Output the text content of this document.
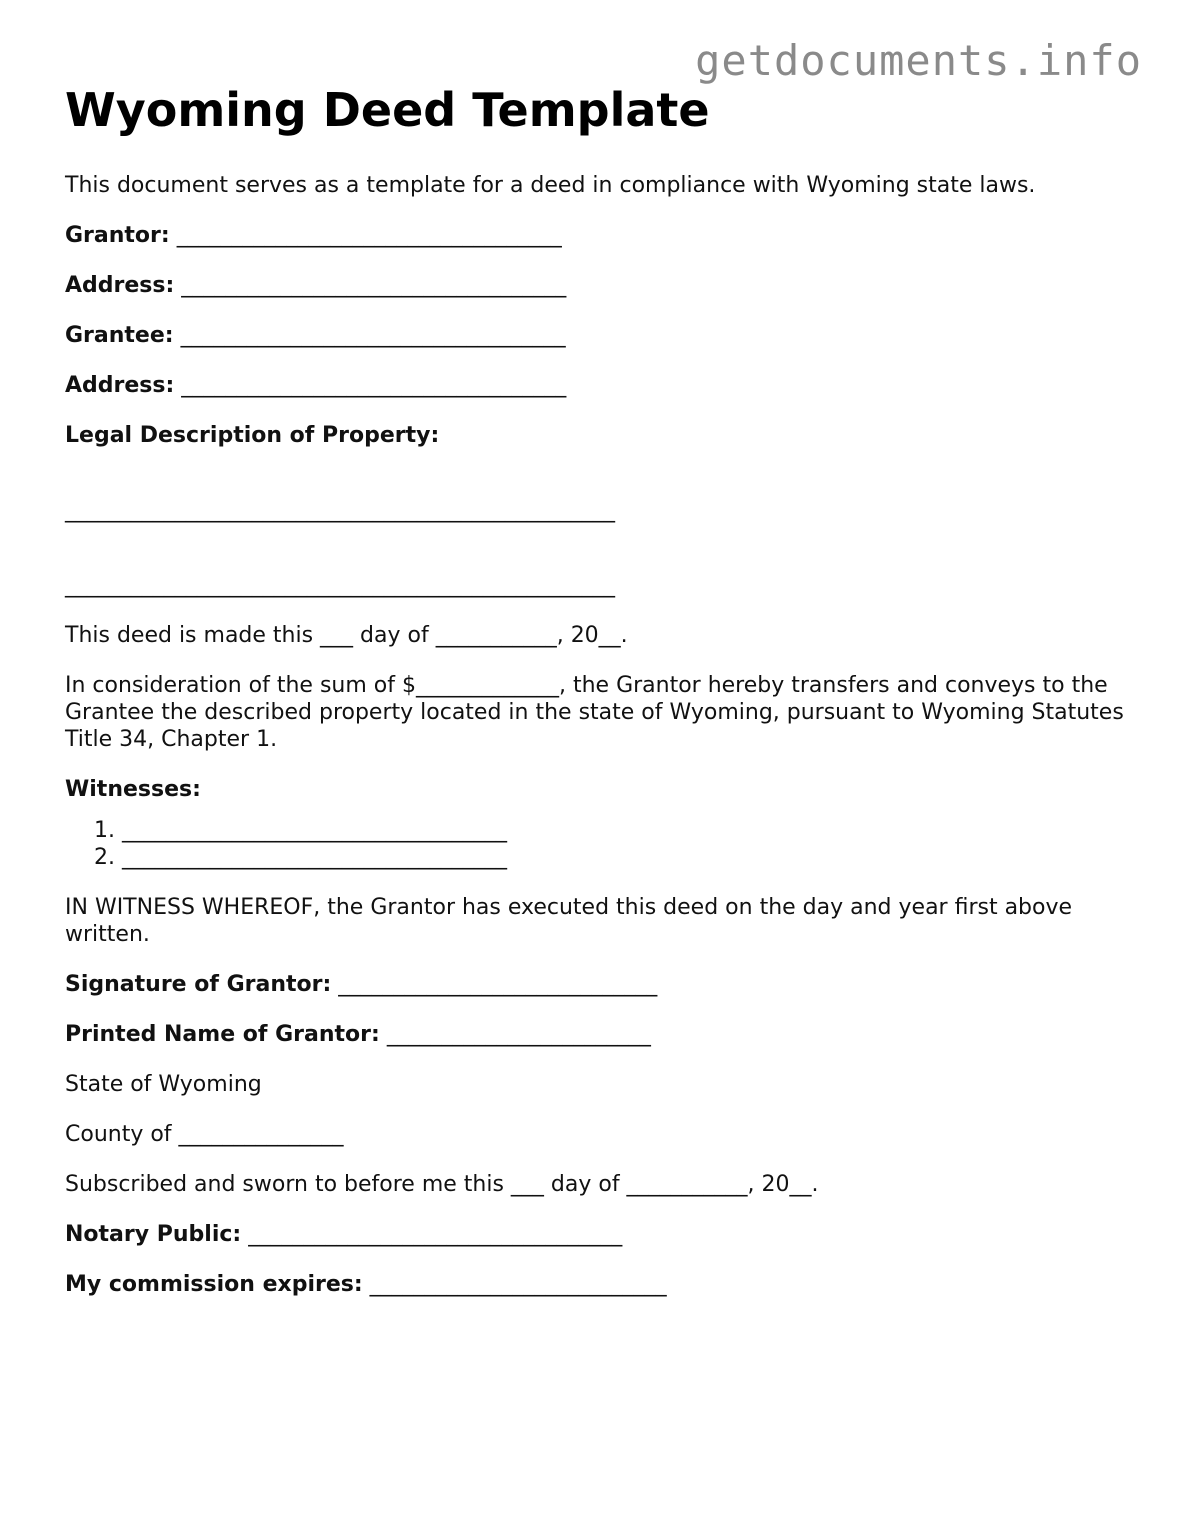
getdocuments.info
Wyoming Deed Template

This document serves as a template for a deed in compliance with Wyoming state laws.

Grantor: ___________________________________
Address: ___________________________________
Grantee: ___________________________________
Address: ___________________________________
Legal Description of Property:
__________________________________________________
__________________________________________________

This deed is made this ___ day of ___________, 20__.

In consideration of the sum of $_____________, the Grantor hereby transfers and conveys to the Grantee the described property located in the state of Wyoming, pursuant to Wyoming Statutes Title 34, Chapter 1.

Witnesses:
1. ___________________________________
2. ___________________________________

IN WITNESS WHEREOF, the Grantor has executed this deed on the day and year first above written.

Signature of Grantor: _____________________________
Printed Name of Grantor: ________________________

State of Wyoming

County of _______________

Subscribed and sworn to before me this ___ day of ___________, 20__.

Notary Public: __________________________________
My commission expires: ___________________________
